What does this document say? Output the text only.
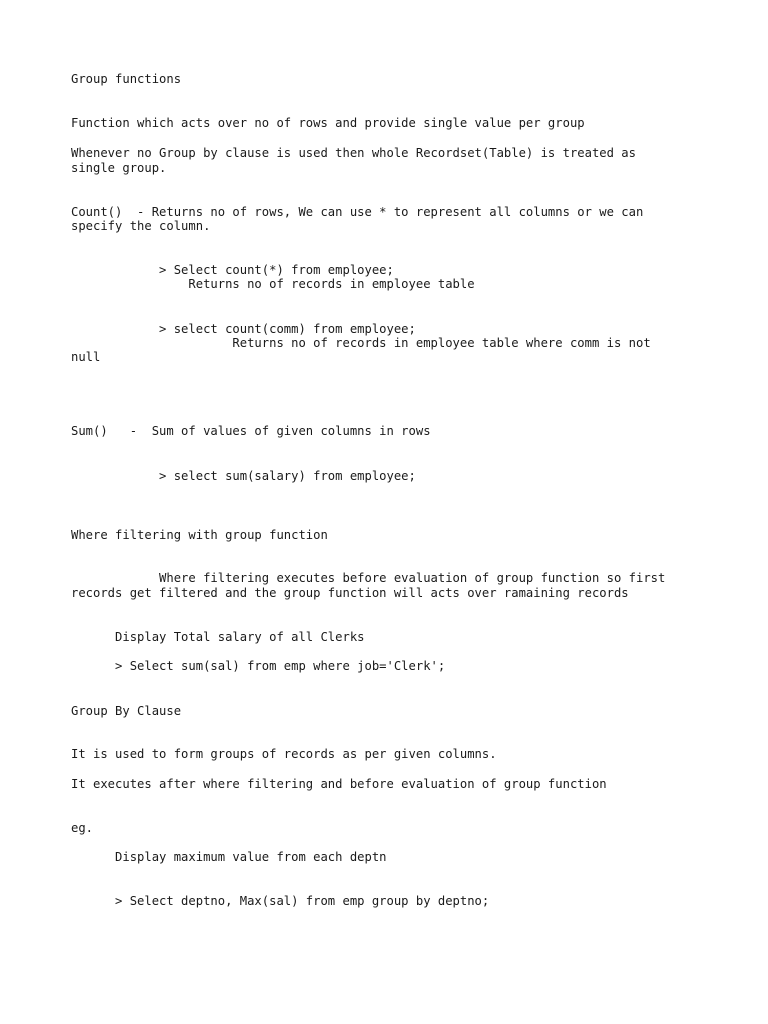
Group functions
Function which acts over no of rows and provide single value per group
Whenever no Group by clause is used then whole Recordset(Table) is treated as
single group.
Count()  - Returns no of rows, We can use * to represent all columns or we can
specify the column.
> Select count(*) from employee;
Returns no of records in employee table
> select count(comm) from employee;
Returns no of records in employee table where comm is not
null
Sum()   -  Sum of values of given columns in rows
> select sum(salary) from employee;
Where filtering with group function
Where filtering executes before evaluation of group function so first
records get filtered and the group function will acts over ramaining records
Display Total salary of all Clerks
> Select sum(sal) from emp where job='Clerk';
Group By Clause
It is used to form groups of records as per given columns.
It executes after where filtering and before evaluation of group function
eg.
Display maximum value from each deptn
> Select deptno, Max(sal) from emp group by deptno;
